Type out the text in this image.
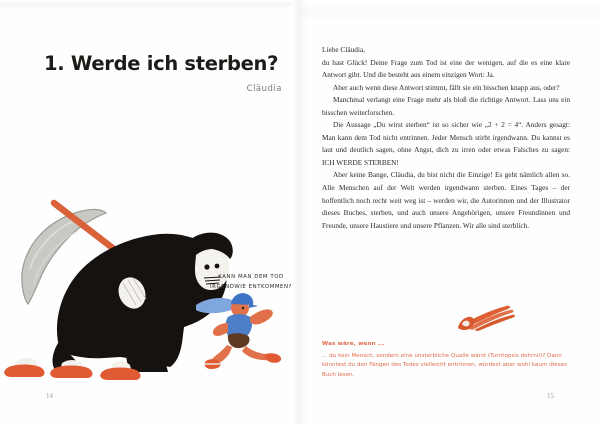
1. Werde ich sterben?
Cläudia
KANN MAN DEM TOD IRGENDWIE ENTKOMMEN?
14

Liebe Cläudia,

du hast Glück! Deine Frage zum Tod ist eine der wenigen, auf die es eine klare Antwort gibt. Und die besteht aus einem einzigen Wort: Ja.

Aber auch wenn diese Antwort stimmt, fällt sie ein bisschen knapp aus, oder?

Manchmal verlangt eine Frage mehr als bloß die richtige Antwort. Lass uns ein bisschen weiterforschen.

Die Aussage „Du wirst sterben“ ist so sicher wie „2 + 2 = 4“. Anders gesagt: Man kann dem Tod nicht entrinnen. Jeder Mensch stirbt irgendwann. Du kannst es laut und deutlich sagen, ohne Angst, dich zu irren oder etwas Falsches zu sagen: ICH WERDE STERBEN!

Aber keine Bange, Cläudia, du bist nicht die Einzige! Es geht nämlich allen so. Alle Menschen auf der Welt werden irgendwann sterben. Eines Tages – der hoffentlich noch recht weit weg ist – werden wir, die Autorinnen und der Illustrator dieses Buches, sterben, und auch unsere Angehörigen, unsere Freundinnen und Freunde, unsere Haustiere und unsere Pflanzen. Wir alle sind sterblich.

Was wäre, wenn ...
... du kein Mensch, sondern eine unsterbliche Qualle wärst (Turritopsis dohrnii)? Dann könntest du den Fängen des Todes vielleicht entrinnen, würdest aber wohl kaum dieses Buch lesen.
15
